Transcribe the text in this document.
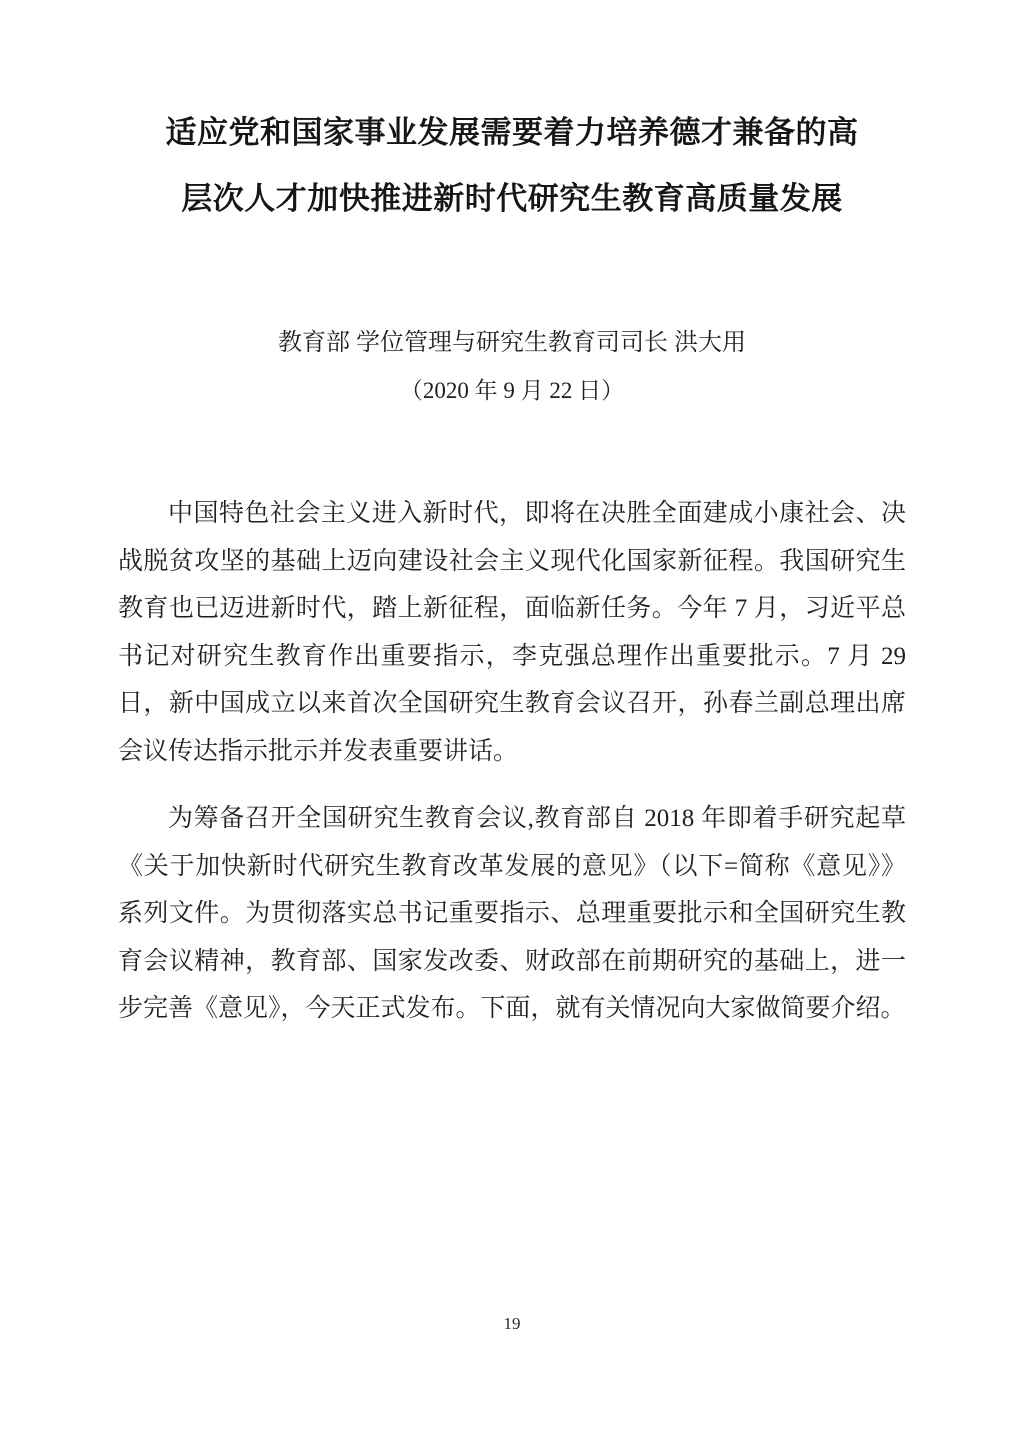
适应党和国家事业发展需要着力培养德才兼备的高
层次人才加快推进新时代研究生教育高质量发展
教育部 学位管理与研究生教育司司长 洪大用
（2020 年 9 月 22 日）

中国特色社会主义进入新时代，即将在决胜全面建成小康社会、决战脱贫攻坚的基础上迈向建设社会主义现代化国家新征程。我国研究生教育也已迈进新时代，踏上新征程，面临新任务。今年 7 月，习近平总书记对研究生教育作出重要指示，李克强总理作出重要批示。7 月 29 日，新中国成立以来首次全国研究生教育会议召开，孙春兰副总理出席会议传达指示批示并发表重要讲话。

为筹备召开全国研究生教育会议,教育部自 2018 年即着手研究起草《关于加快新时代研究生教育改革发展的意见》（以下=简称《意见》》系列文件。为贯彻落实总书记重要指示、总理重要批示和全国研究生教育会议精神，教育部、国家发改委、财政部在前期研究的基础上，进一步完善《意见》，今天正式发布。下面，就有关情况向大家做简要介绍。

19
